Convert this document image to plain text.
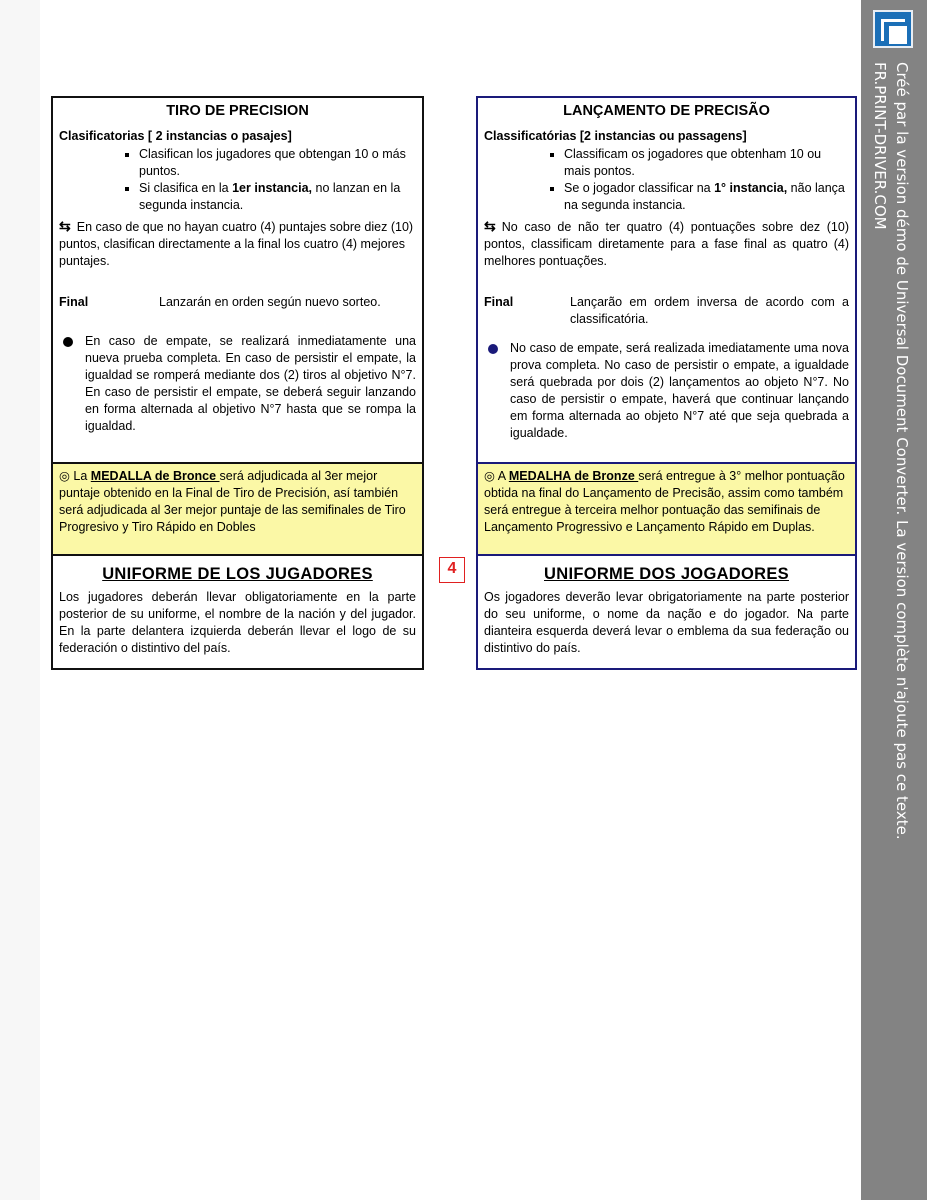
TIRO DE PRECISION
Clasificatorias [ 2 instancias o pasajes]
▪ Clasifican los jugadores que obtengan 10 o más puntos.
▪ Si clasifica en la 1er instancia, no lanzan en la segunda instancia.
⇆ En caso de que no hayan cuatro (4) puntajes sobre diez (10) puntos, clasifican directamente a la final los cuatro (4) mejores puntajes.
Final	Lanzarán en orden según nuevo sorteo.
En caso de empate, se realizará inmediatamente una nueva prueba completa. En caso de persistir el empate, la igualdad se romperá mediante dos (2) tiros al objetivo N°7. En caso de persistir el empate, se deberá seguir lanzando en forma alternada al objetivo N°7 hasta que se rompa la igualdad.
◎ La MEDALLA de Bronce será adjudicada al 3er mejor puntaje obtenido en la Final de Tiro de Precisión, así también será adjudicada al 3er mejor puntaje de las semifinales de Tiro Progresivo y Tiro Rápido en Dobles
UNIFORME DE LOS JUGADORES
Los jugadores deberán llevar obligatoriamente en la parte posterior de su uniforme, el nombre de la nación y del jugador. En la parte delantera izquierda deberán llevar el logo de su federación o distintivo del país.
4
LANÇAMENTO DE PRECISÃO
Classificatórias [2 instancias ou passagens]
▪ Classificam os jogadores que obtenham 10 ou mais pontos.
▪ Se o jogador classificar na 1° instancia, não lança na segunda instancia.
⇆ No caso de não ter quatro (4) pontuações sobre dez (10) pontos, classificam diretamente para a fase final as quatro (4) melhores pontuações.
Final	Lançarão em ordem inversa de acordo com a classificatória.
No caso de empate, será realizada imediatamente uma nova prova completa. No caso de persistir o empate, a igualdade será quebrada por dois (2) lançamentos ao objeto N°7. No caso de persistir o empate, haverá que continuar lançando em forma alternada ao objeto N°7 até que seja quebrada a igualdade.
◎ A MEDALHA de Bronze será entregue à 3° melhor pontuação obtida na final do Lançamento de Precisão, assim como também será entregue à terceira melhor pontuação das semifinais de Lançamento Progressivo e Lançamento Rápido em Duplas.
UNIFORME DOS JOGADORES
Os jogadores deverão levar obrigatoriamente na parte posterior do seu uniforme, o nome da nação e do jogador. Na parte dianteira esquerda deverá levar o emblema da sua federação ou distintivo do país.	Créé par la version démo de Universal Document Converter. La version complète n'ajoute pas ce texte.
FR.PRINT-DRIVER.COM
